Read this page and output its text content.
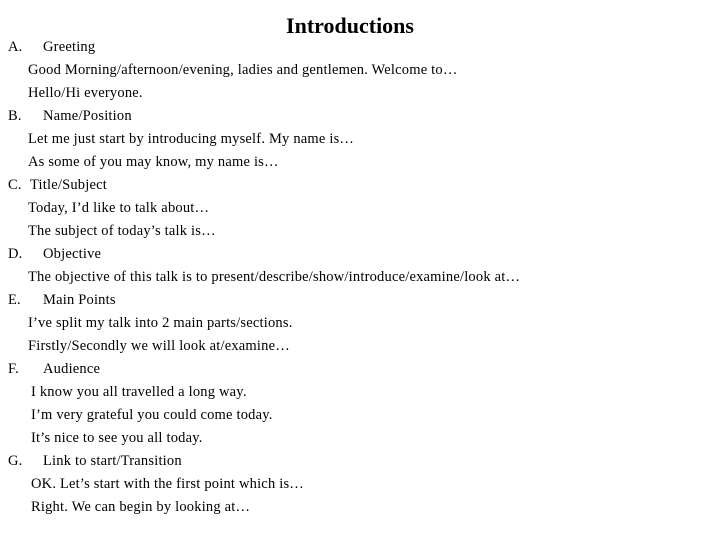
Introductions
A. Greeting
Good Morning/afternoon/evening, ladies and gentlemen. Welcome to…
Hello/Hi everyone.
B. Name/Position
Let me just start by introducing myself. My name is…
As some of you may know, my name is…
C. Title/Subject
Today, I’d like to talk about…
The subject of today’s talk is…
D. Objective
The objective of this talk is to present/describe/show/introduce/examine/look at…
E. Main Points
I’ve split my talk into 2 main parts/sections.
Firstly/Secondly we will look at/examine…
F. Audience
I know you all travelled a long way.
I’m very grateful you could come today.
It’s nice to see you all today.
G. Link to start/Transition
OK. Let’s start with the first point which is…
Right. We can begin by looking at…
